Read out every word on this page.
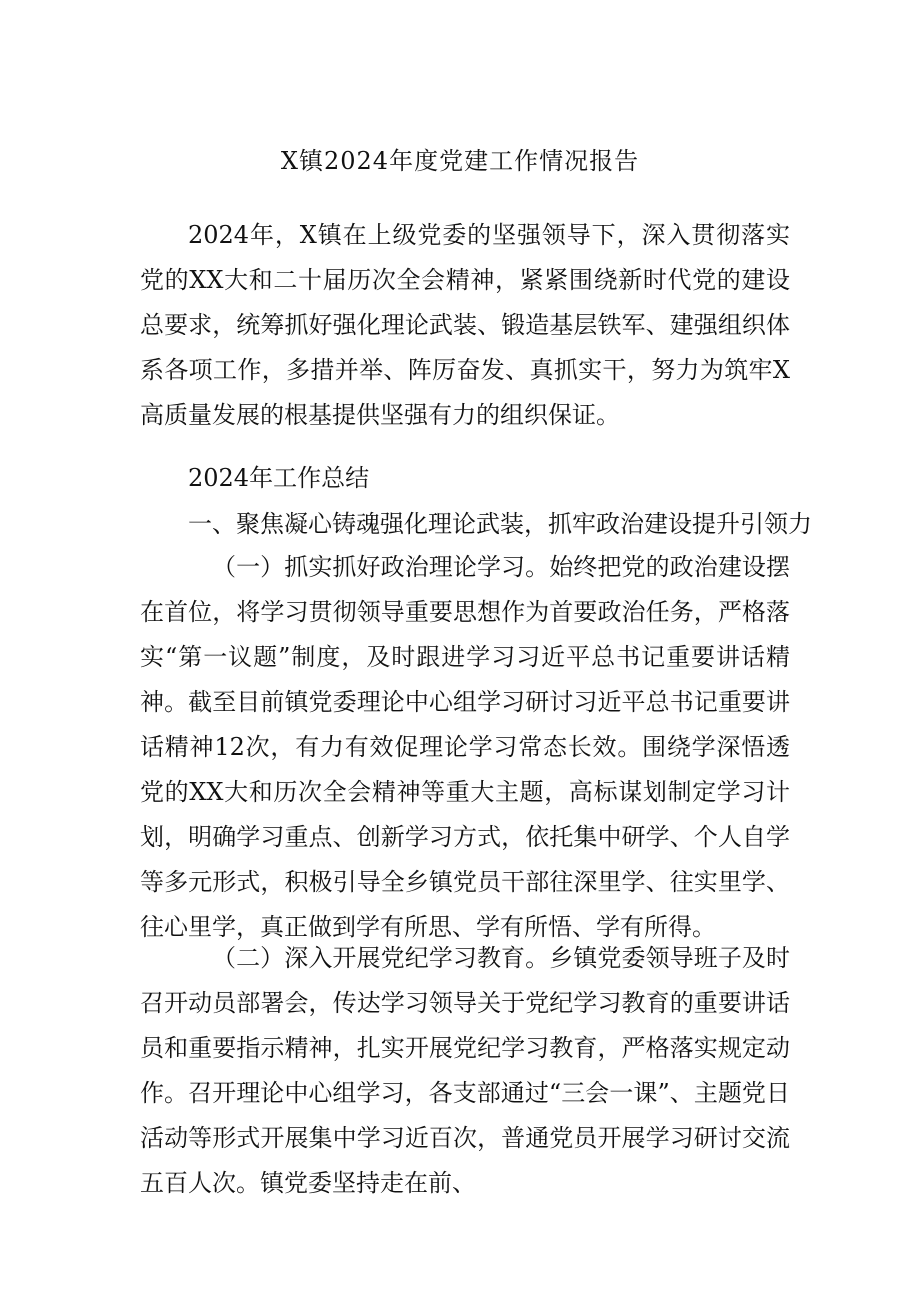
X镇2024年度党建工作情况报告

2024年，X镇在上级党委的坚强领导下，深入贯彻落实党的XX大和二十届历次全会精神，紧紧围绕新时代党的建设总要求，统筹抓好强化理论武装、锻造基层铁军、建强组织体系各项工作，多措并举、阵厉奋发、真抓实干，努力为筑牢X高质量发展的根基提供坚强有力的组织保证。

2024年工作总结

一、聚焦凝心铸魂强化理论武装，抓牢政治建设提升引领力

（一）抓实抓好政治理论学习。始终把党的政治建设摆在首位，将学习贯彻领导重要思想作为首要政治任务，严格落实“第一议题”制度，及时跟进学习习近平总书记重要讲话精神。截至目前镇党委理论中心组学习研讨习近平总书记重要讲话精神12次，有力有效促理论学习常态长效。围绕学深悟透党的XX大和历次全会精神等重大主题，高标谋划制定学习计划，明确学习重点、创新学习方式，依托集中研学、个人自学等多元形式，积极引导全乡镇党员干部往深里学、往实里学、往心里学，真正做到学有所思、学有所悟、学有所得。

（二）深入开展党纪学习教育。乡镇党委领导班子及时召开动员部署会，传达学习领导关于党纪学习教育的重要讲话员和重要指示精神，扎实开展党纪学习教育，严格落实规定动作。召开理论中心组学习，各支部通过“三会一课”、主题党日活动等形式开展集中学习近百次，普通党员开展学习研讨交流五百人次。镇党委坚持走在前、
